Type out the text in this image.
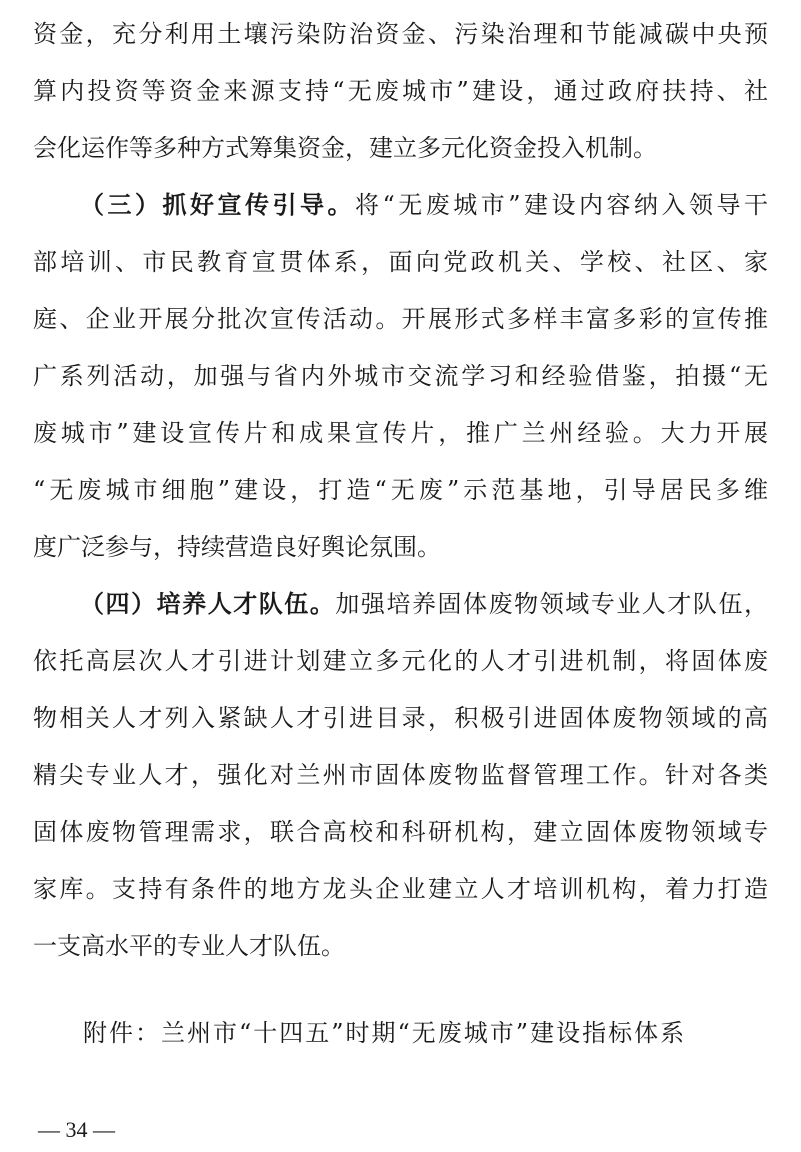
资金，充分利用土壤污染防治资金、污染治理和节能减碳中央预
算内投资等资金来源支持“无废城市”建设，通过政府扶持、社
会化运作等多种方式筹集资金，建立多元化资金投入机制。
（三）抓好宣传引导。将“无废城市”建设内容纳入领导干
部培训、市民教育宣贯体系，面向党政机关、学校、社区、家
庭、企业开展分批次宣传活动。开展形式多样丰富多彩的宣传推
广系列活动，加强与省内外城市交流学习和经验借鉴，拍摄“无
废城市”建设宣传片和成果宣传片，推广兰州经验。大力开展
“无废城市细胞”建设，打造“无废”示范基地，引导居民多维
度广泛参与，持续营造良好舆论氛围。
（四）培养人才队伍。加强培养固体废物领域专业人才队伍，
依托高层次人才引进计划建立多元化的人才引进机制，将固体废
物相关人才列入紧缺人才引进目录，积极引进固体废物领域的高
精尖专业人才，强化对兰州市固体废物监督管理工作。针对各类
固体废物管理需求，联合高校和科研机构，建立固体废物领域专
家库。支持有条件的地方龙头企业建立人才培训机构，着力打造
一支高水平的专业人才队伍。
附件：兰州市“十四五”时期“无废城市”建设指标体系
— 34 —
